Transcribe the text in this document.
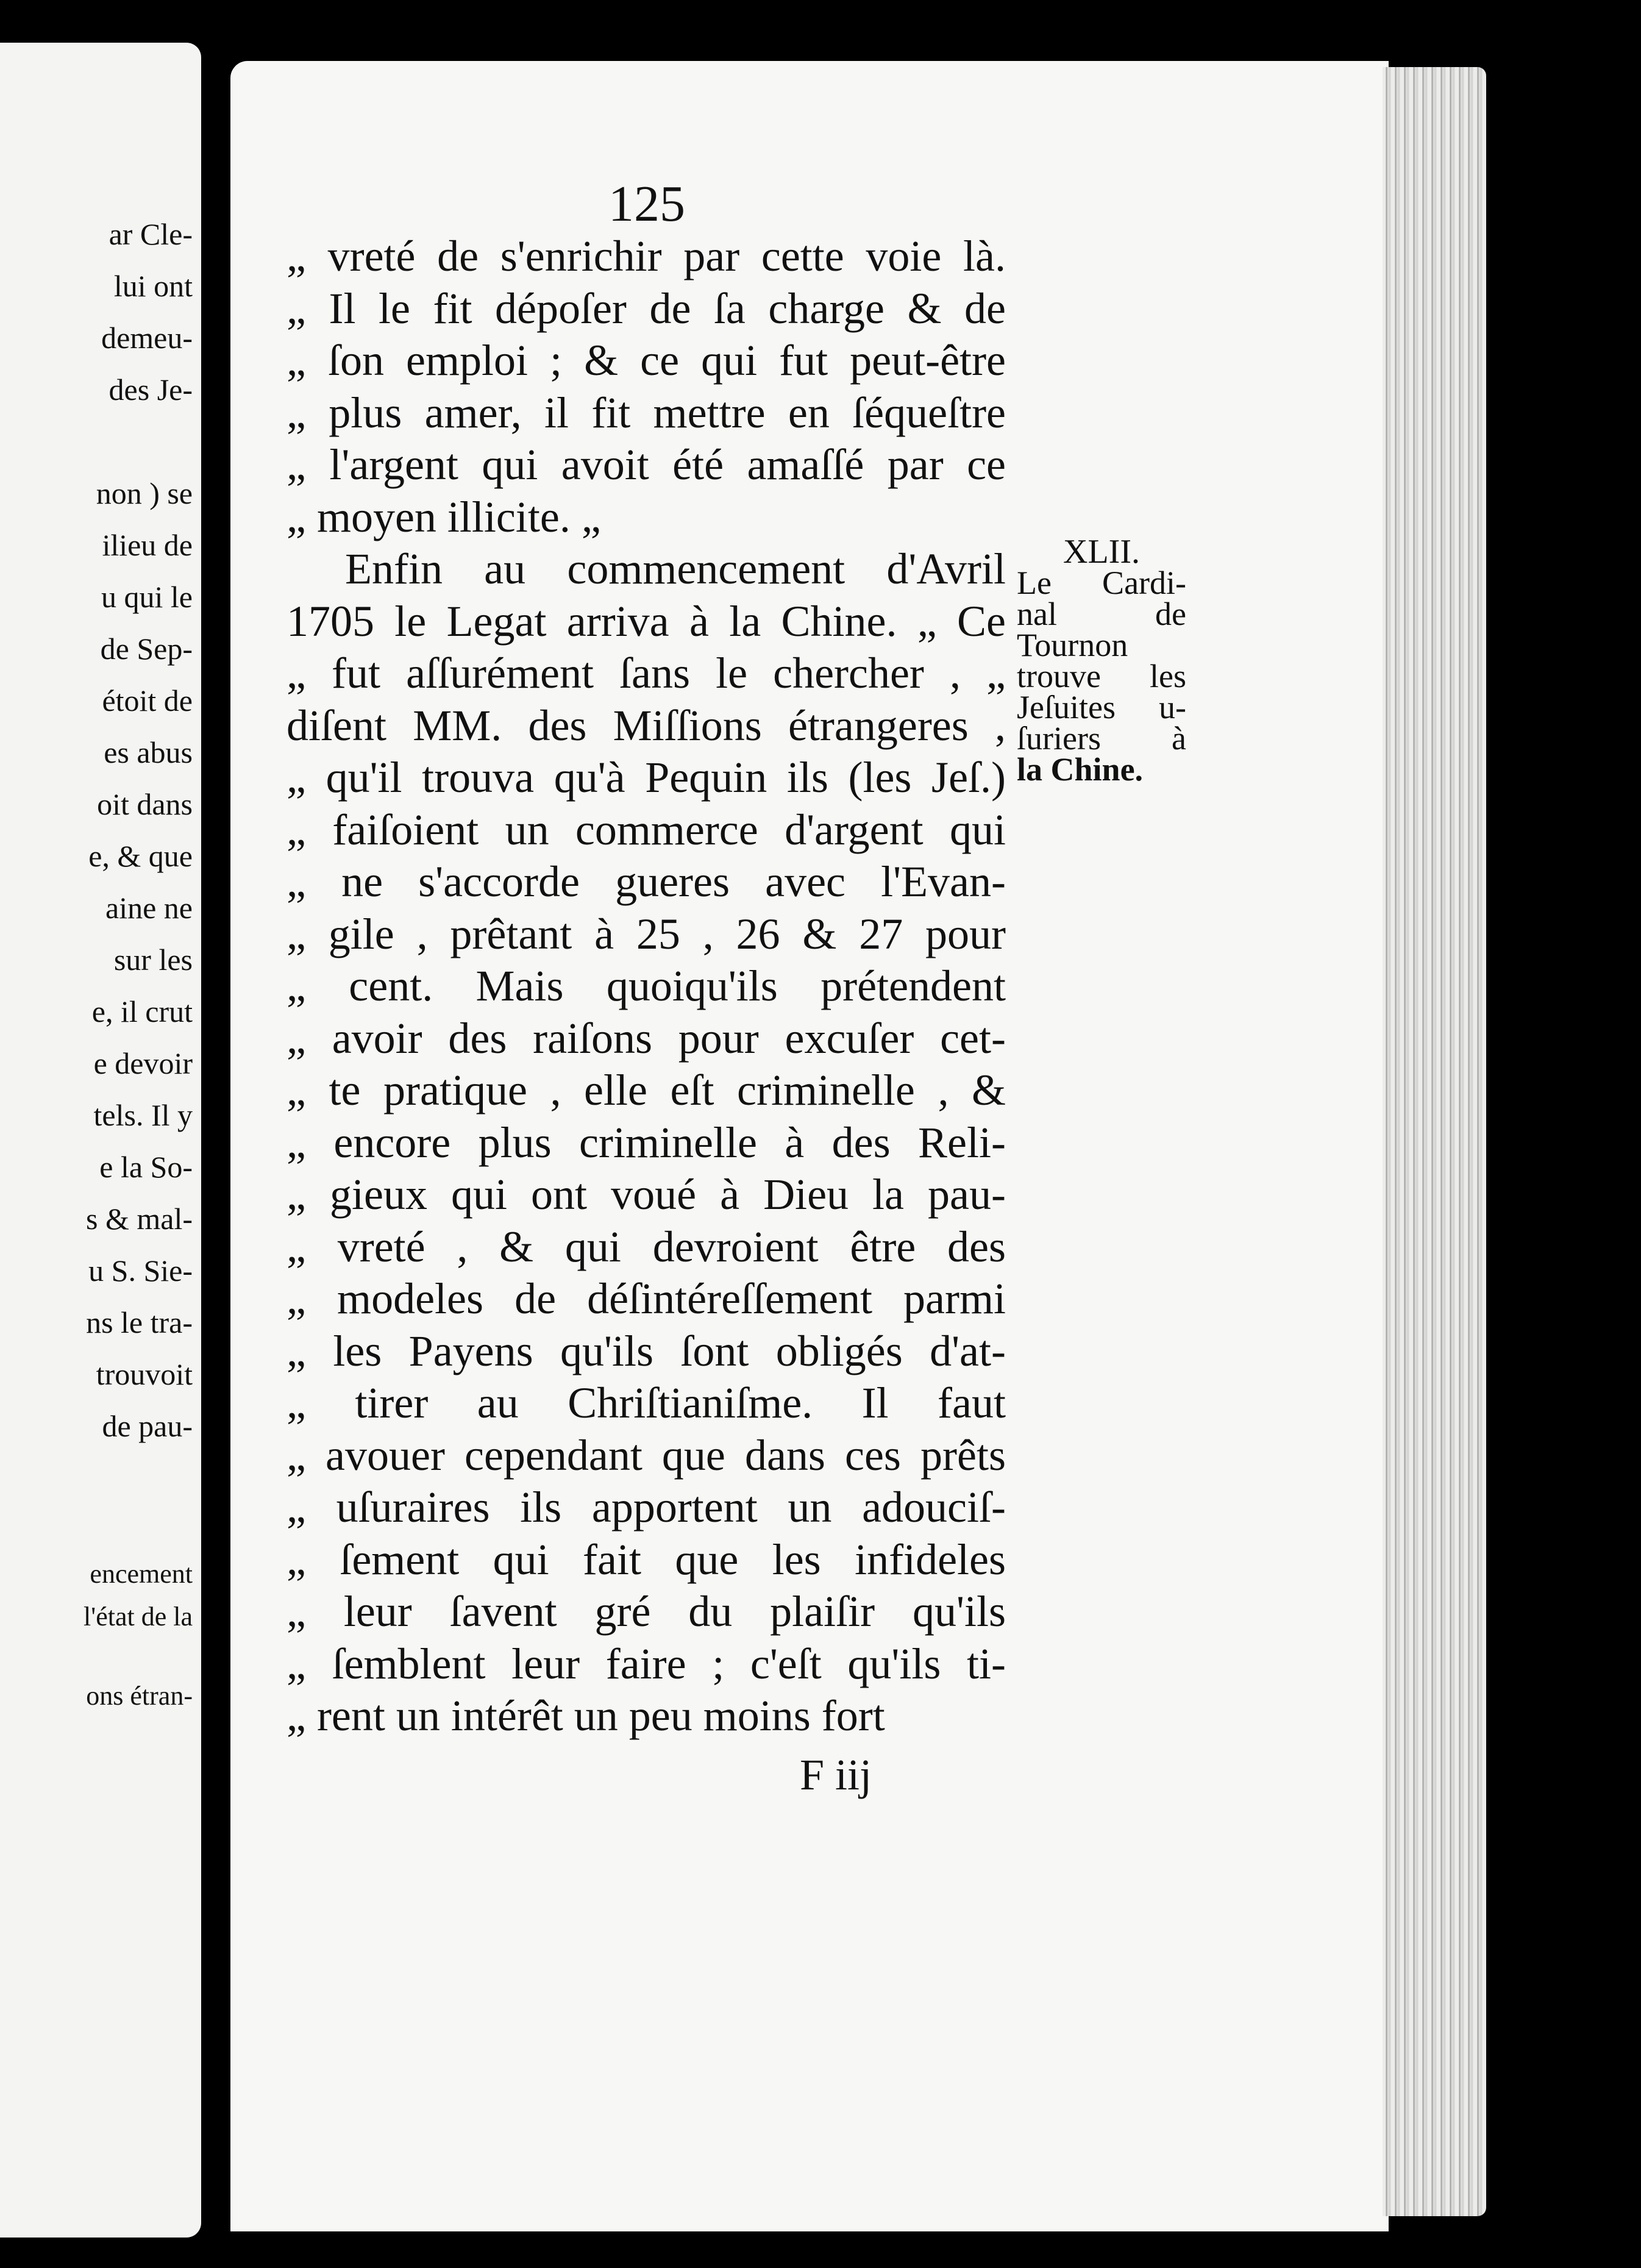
ar Cle-
lui ont
demeu-
des Je-
non ) se
ilieu de
u qui le
de Sep-
étoit de
es abus
oit dans
e, & que
aine ne
sur les
e, il crut
e devoir
tels. Il y
e la So-
s & mal-
u S. Sie-
ns le tra-
trouvoit
de pau-
encement
l'état de la
ons étran-
125
„ vreté de s'enrichir par cette voie là.
„ Il le fit dépoſer de ſa charge & de
„ ſon emploi ; & ce qui fut peut-être
„ plus amer, il fit mettre en ſéqueſtre
„ l'argent qui avoit été amaſſé par ce
„ moyen illicite. „
Enfin au commencement d'Avril
1705 le Legat arriva à la Chine. „ Ce
„ fut aſſurément ſans le chercher , „
diſent MM. des Miſſions étrangeres ,
„ qu'il trouva qu'à Pequin ils (les Jeſ.)
„ faiſoient un commerce d'argent qui
„ ne s'accorde gueres avec l'Evan-
„ gile , prêtant à 25 , 26 & 27 pour
„ cent. Mais quoiqu'ils prétendent
„ avoir des raiſons pour excuſer cet-
„ te pratique , elle eſt criminelle , &
„ encore plus criminelle à des Reli-
„ gieux qui ont voué à Dieu la pau-
„ vreté , & qui devroient être des
„ modeles de déſintéreſſement parmi
„ les Payens qu'ils ſont obligés d'at-
„ tirer au Chriſtianiſme. Il faut
„ avouer cependant que dans ces prêts
„ uſuraires ils apportent un adouciſ-
„ ſement qui fait que les infideles
„ leur ſavent gré du plaiſir qu'ils
„ ſemblent leur faire ; c'eſt qu'ils ti-
„ rent un intérêt un peu moins fort
XLII.
Le Cardi-
nal de
Tournon
trouve les
Jeſuites u-
ſuriers à
la Chine.
F iij
